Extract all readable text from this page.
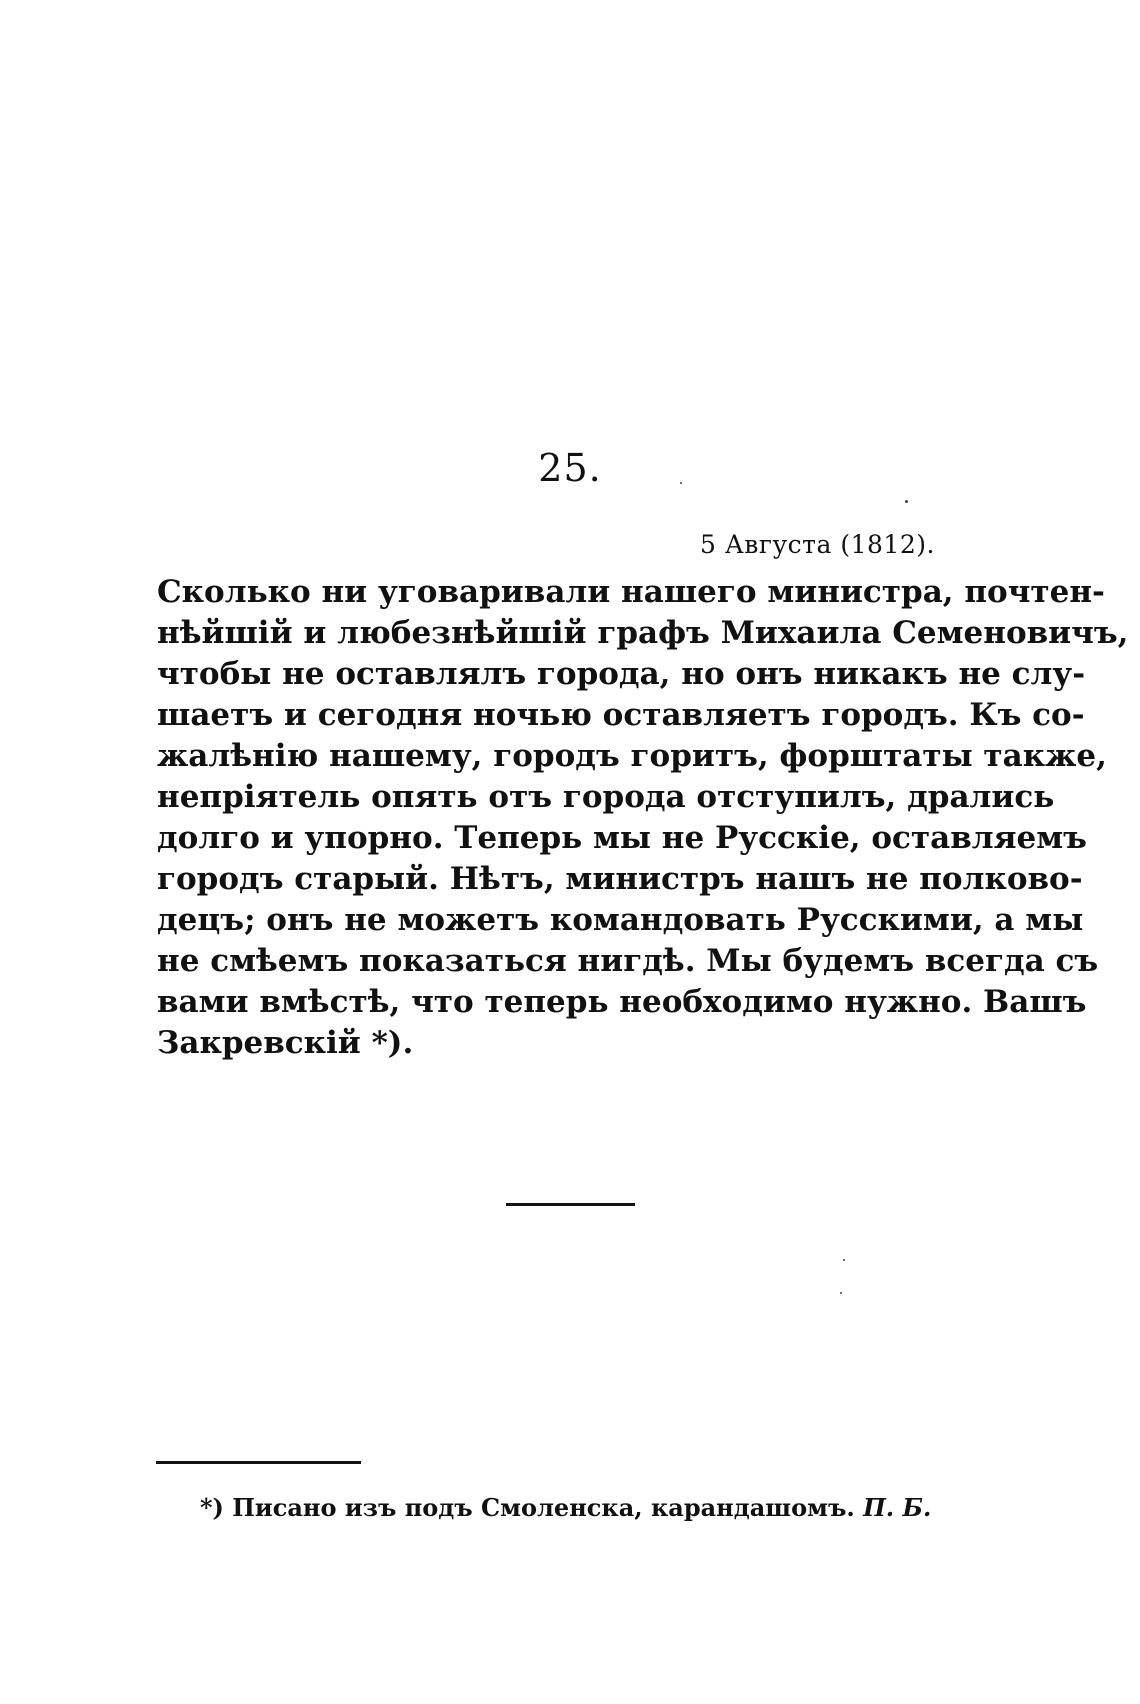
25.
5 Августа (1812).
Сколько ни уговаривали нашего министра, почтен-
нѣйшій и любезнѣйшій графъ Михаила Семеновичъ,
чтобы не оставлялъ города, но онъ никакъ не слу-
шаетъ и сегодня ночью оставляетъ городъ. Къ со-
жалѣнію нашему, городъ горитъ, форштаты также,
непріятель опять отъ города отступилъ, дрались
долго и упорно. Теперь мы не Русскіе, оставляемъ
городъ старый. Нѣтъ, министръ нашъ не полково-
децъ; онъ не можетъ командовать Русскими, а мы
не смѣемъ показаться нигдѣ. Мы будемъ всегда съ
вами вмѣстѣ, что теперь необходимо нужно. Вашъ
Закревскій *).
*) Писано изъ подъ Смоленска, карандашомъ. П. Б.
